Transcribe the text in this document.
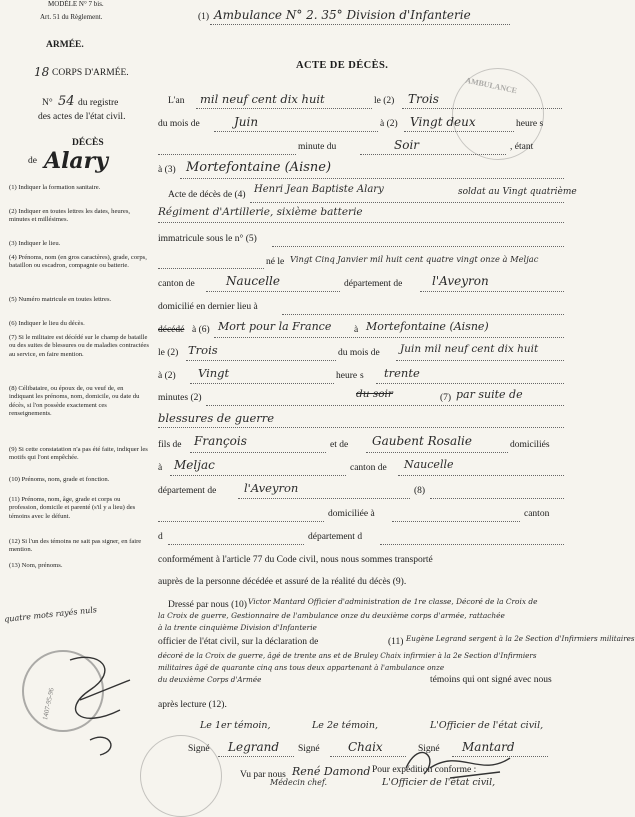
MODÈLE N° 7 bis.
Art. 51 du Règlement.	(1) Ambulance N° 2. 35° Division d'Infanterie
ARMÉE.
18 CORPS D'ARMÉE.
N° 54 du registre
des actes de l'état civil.
DÉCÈS
de Alary
ACTE DE DÉCÈS.
AMBULANCE
(1) Indiquer la formation sanitaire.
(2) Indiquer en toutes lettres les dates, heures, minutes et millésimes.
(3) Indiquer le lieu.
(4) Prénoms, nom (en gros caractères), grade, corps, bataillon ou escadron, compagnie ou batterie.
(5) Numéro matricule en toutes lettres.
(6) Indiquer le lieu du décès.
(7) Si le militaire est décédé sur le champ de bataille ou des suites de blessures ou de maladies contractées au service, en faire mention.
(8) Célibataire, ou époux de, ou veuf de, en indiquant les prénoms, nom, domicile, ou date du décès, si l'on possède exactement ces renseignements.
(9) Si cette constatation n'a pas été faite, indiquer les motifs qui l'ont empêchée.
(10) Prénoms, nom, grade et fonction.
(11) Prénoms, nom, âge, grade et corps ou profession, domicile et parenté (s'il y a lieu) des témoins avec le défunt.
(12) Si l'un des témoins ne sait pas signer, en faire mention.
(13) Nom, prénoms.
L'an mil neuf cent dix huit	le (2) Trois
du mois de	Juin	à (2) Vingt deux	heure s
minute du	Soir	, étant
à (3) Mortefontaine (Aisne)
Acte de décès de (4) Henri Jean Baptiste Alary	soldat au Vingt quatrième
Régiment d'Artillerie, sixième batterie
immatricule sous le n° (5)
né le Vingt Cinq Janvier mil huit cent quatre vingt onze à Meljac
canton de	Naucelle	département de l'Aveyron
domicilié en dernier lieu à
décédé à (6) Mort pour la France à Mortefontaine (Aisne)
le (2) Trois	du mois de Juin mil neuf cent dix huit
à (2) Vingt	heure s trente
minutes (2)	du soir	(7) par suite de
blessures de guerre
fils de François	et de Gaubent Rosalie	domiciliés
à Meljac	canton de Naucelle
département de l'Aveyron	(8)
domiciliée à	canton
d	département d
conformément à l'article 77 du Code civil, nous nous sommes transporté
auprès de la personne décédée et assuré de la réalité du décès (9).
Dressé par nous (10) Victor Mantard Officier d'administration de 1re classe, Décoré de la Croix de
la Croix de guerre, Gestionnaire de l'ambulance onze du deuxième corps d'armée, rattachée
à la trente cinquième Division d'Infanterie
officier de l'état civil, sur la déclaration de	(11) Eugène Legrand sergent à la 2e Section d'Infirmiers militaires
décoré de la Croix de guerre, âgé de trente ans et de Bruley Chaix infirmier à la 2e Section d'Infirmiers
militaires âgé de quarante cinq ans tous deux appartenant à l'ambulance onze
du deuxième Corps d'Armée	témoins qui ont signé avec nous
après lecture (12).
Le 1er témoin,	Le 2e témoin,	L'Officier de l'état civil,
Signé Legrand Signé Chaix	Signé Mantard
quatre mots rayés nuls
1407-95-96
Pour expédition conforme :
L'Officier de l'état civil,
Vu par nous René Damond
Médecin chef.
